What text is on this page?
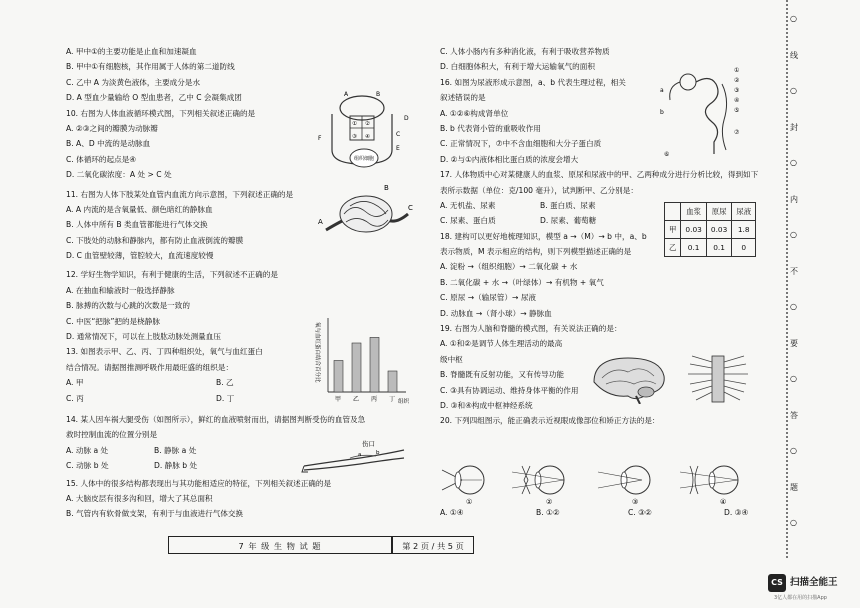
A. 甲中①的主要功能是止血和加速凝血
B. 甲中①有细胞核，其作用属于人体的第二道防线
C. 乙中 A 为淡黄色液体，主要成分是水
D. A 型血少量输给 O 型血患者，乙中 C 会凝集成团
10. 右图为人体血液循环模式图，下列相关叙述正确的是
A. ②③之间的瓣膜为动脉瓣
B. A、D 中流的是动脉血
C. 体循环的起点是④
D. 二氧化碳浓度：A 处 > C 处
11. 右图为人体下肢某处血管内血流方向示意图，下列叙述正确的是
A. A 内流的是含氧量低、颜色暗红的静脉血
B. 人体中所有 B 类血管都能进行气体交换
C. 下肢处的动脉和静脉内，都有防止血液倒流的瓣膜
D. C 血管壁较薄，管腔较大，血流速度较慢
12. 学好生物学知识，有利于健康的生活，下列叙述不正确的是
A. 在抽血和输液时一般选择静脉
B. 脉搏的次数与心跳的次数是一致的
C. 中医“把脉”把的是桡静脉
D. 通常情况下，可以在上肢肱动脉处测量血压
13. 如图表示甲、乙、丙、丁四种组织处，氧气与血红蛋白
结合情况。请据图推测呼吸作用最旺盛的组织是：
A. 甲	B. 乙
C. 丙	D. 丁
14. 某人因车祸大腿受伤（如图所示），鲜红的血液喷射而出，请据图判断受伤的血管及急
救时控制血流的位置分别是
A. 动脉 a 处	B. 静脉 a 处
C. 动脉 b 处	D. 静脉 b 处
15. 人体中的很多结构都表现出与其功能相适应的特征，下列相关叙述正确的是
A. 大脑皮层有很多沟和回，增大了其总面积
B. 气管内有软骨做支架，有利于与血液进行气体交换
A	B
C
D
E
F
① ②
③ ④
组织细胞
A
B
C
氧与血红蛋白结合百分比
甲 乙 丙 丁 组织
伤口
a	b
C. 人体小肠内有多种消化液，有利于吸收营养物质
D. 白细胞体积大，有利于增大运输氧气的面积
16. 如图为尿液形成示意图，a、b 代表生理过程，相关
叙述错误的是
A. ①②⑥构成肾单位
B. b 代表肾小管的重吸收作用
C. 正常情况下，⑦中不含血细胞和大分子蛋白质
D. ②与①内液体相比蛋白质的浓度会增大
17. 人体物质中心对某健康人的血浆、原尿和尿液中的甲、乙两种成分进行分析比较，得到如下
表所示数据（单位：克/100 毫升），试判断甲、乙分别是：
A. 无机盐、尿素	B. 蛋白质、尿素
C. 尿素、蛋白质	D. 尿素、葡萄糖
18. 建构可以更好地梳理知识，模型 a →（M）→ b 中，a、b
表示物质，M 表示相应的结构，则下列模型描述正确的是
A. 淀粉 →（组织细胞）→ 二氧化碳 + 水
B. 二氧化碳 + 水 →（叶绿体）→ 有机物 + 氧气
C. 原尿 →（输尿管）→ 尿液
D. 动脉血 →（肾小球）→ 静脉血
19. 右图为人脑和脊髓的模式图，有关说法正确的是：
A. ①和②是调节人体生理活动的最高
级中枢
B. 脊髓既有反射功能，又有传导功能
C. ③具有协调运动、维持身体平衡的作用
D. ③和④构成中枢神经系统
20. 下列四组图示，能正确表示近视眼成像部位和矫正方法的是：
①
②
③
④
⑤
⑥
⑦
a
b
	血浆	原尿	尿液
甲	0.03	0.03	1.8
乙	0.1	0.1	0
①	②	③	④
A. ①④	B. ①②	C. ③②	D. ③④
7 年 级 生 物 试 题	第 2 页 / 共 5 页
○
线
○
封
○
内
○
不
○
要
○
答
○
题
○
CS 扫描全能王
3亿人都在用的扫描App
